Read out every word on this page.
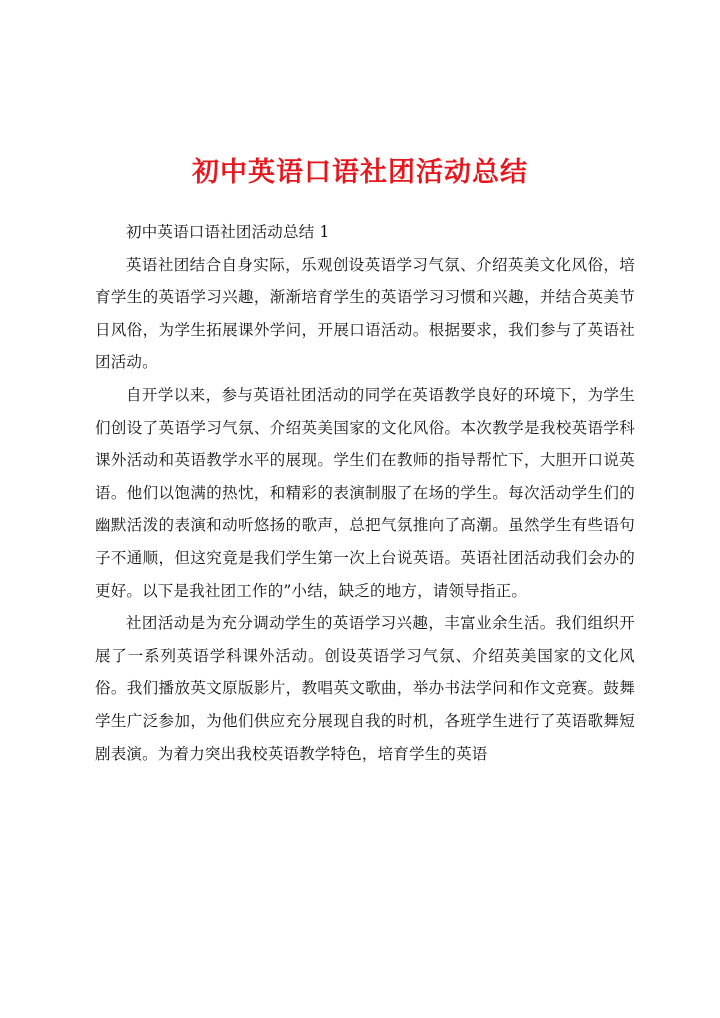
初中英语口语社团活动总结

初中英语口语社团活动总结 1

英语社团结合自身实际，乐观创设英语学习气氛、介绍英美文化风俗，培育学生的英语学习兴趣，渐渐培育学生的英语学习习惯和兴趣，并结合英美节日风俗，为学生拓展课外学问，开展口语活动。根据要求，我们参与了英语社团活动。

自开学以来，参与英语社团活动的同学在英语教学良好的环境下，为学生们创设了英语学习气氛、介绍英美国家的文化风俗。本次教学是我校英语学科课外活动和英语教学水平的展现。学生们在教师的指导帮忙下，大胆开口说英语。他们以饱满的热忱，和精彩的表演制服了在场的学生。每次活动学生们的幽默活泼的表演和动听悠扬的歌声，总把气氛推向了高潮。虽然学生有些语句子不通顺，但这究竟是我们学生第一次上台说英语。英语社团活动我们会办的更好。以下是我社团工作的”小结，缺乏的地方，请领导指正。

社团活动是为充分调动学生的英语学习兴趣，丰富业余生活。我们组织开展了一系列英语学科课外活动。创设英语学习气氛、介绍英美国家的文化风俗。我们播放英文原版影片，教唱英文歌曲，举办书法学问和作文竞赛。鼓舞学生广泛参加，为他们供应充分展现自我的时机，各班学生进行了英语歌舞短剧表演。为着力突出我校英语教学特色，培育学生的英语
